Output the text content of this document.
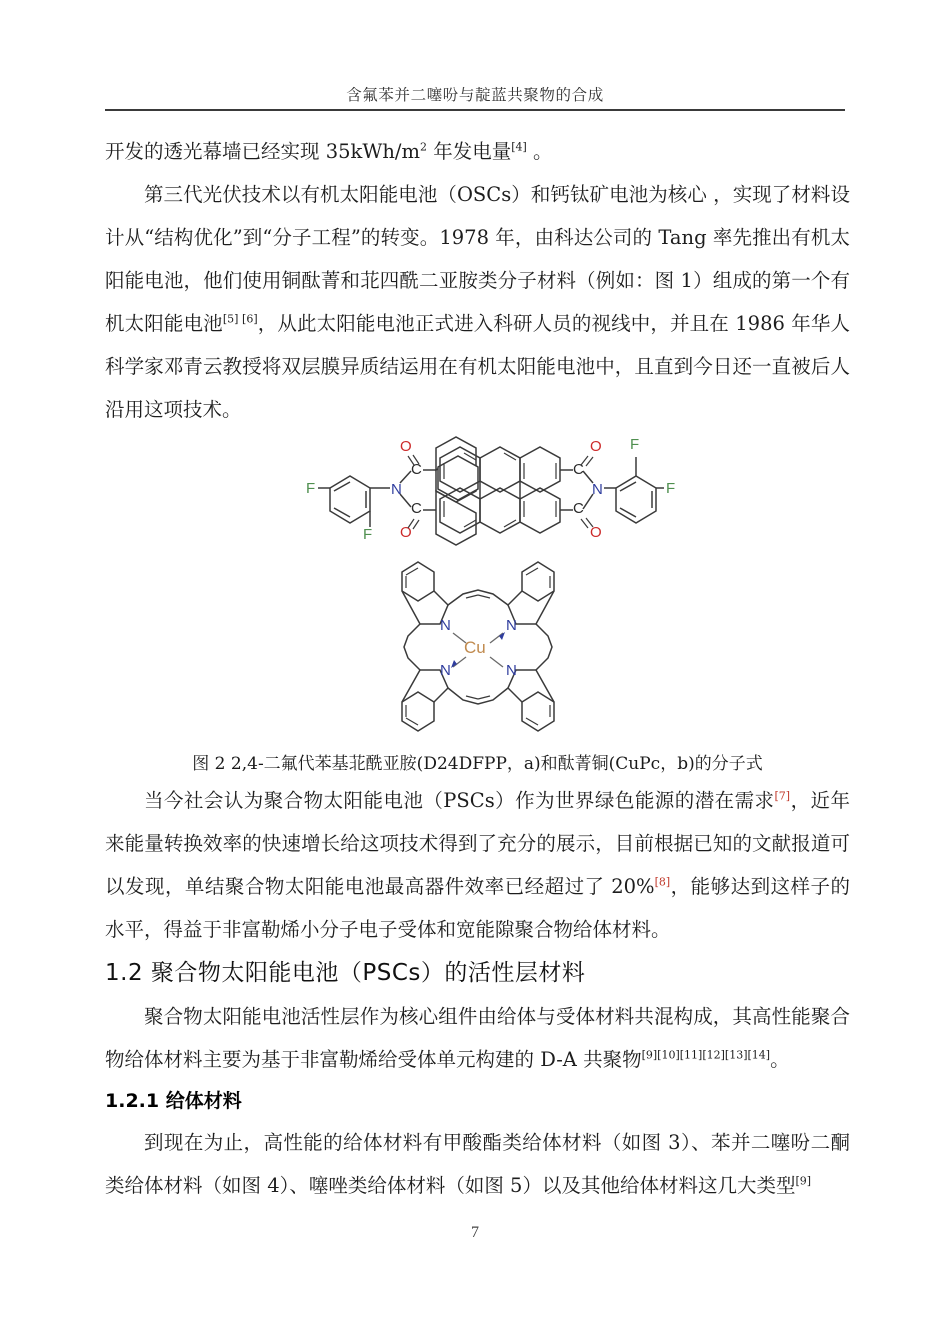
含氟苯并二噻吩与靛蓝共聚物的合成

开发的透光幕墙已经实现 35kWh/m$^2$ 年发电量[4] 。

第三代光伏技术以有机太阳能电池（OSCs）和钙钛矿电池为核心 ，实现了材料设计从“结构优化”到“分子工程”的转变。1978 年，由科达公司的 Tang 率先推出有机太阳能电池，他们使用铜酞菁和苝四酰二亚胺类分子材料（例如：图 1）组成的第一个有机太阳能电池[5] [6]，从此太阳能电池正式进入科研人员的视线中，并且在 1986 年华人科学家邓青云教授将双层膜异质结运用在有机太阳能电池中，且直到今日还一直被后人沿用这项技术。

F
F
N
C
C
O
O
C
C
O
O
N
F
F
N	N
N	N
Cu
图 2 2,4-二氟代苯基苝酰亚胺(D24DFPP，a)和酞菁铜(CuPc，b)的分子式

当今社会认为聚合物太阳能电池（PSCs）作为世界绿色能源的潜在需求[7]，近年来能量转换效率的快速增长给这项技术得到了充分的展示，目前根据已知的文献报道可以发现，单结聚合物太阳能电池最高器件效率已经超过了 20%[8]，能够达到这样子的水平，得益于非富勒烯小分子电子受体和宽能隙聚合物给体材料。

1.2 聚合物太阳能电池（PSCs）的活性层材料

聚合物太阳能电池活性层作为核心组件由给体与受体材料共混构成，其高性能聚合物给体材料主要为基于非富勒烯给受体单元构建的 D-A 共聚物[9][10][11][12][13][14]。

1.2.1 给体材料

到现在为止，高性能的给体材料有甲酸酯类给体材料（如图 3）、苯并二噻吩二酮类给体材料（如图 4）、噻唑类给体材料（如图 5）以及其他给体材料这几大类型[9]

7
